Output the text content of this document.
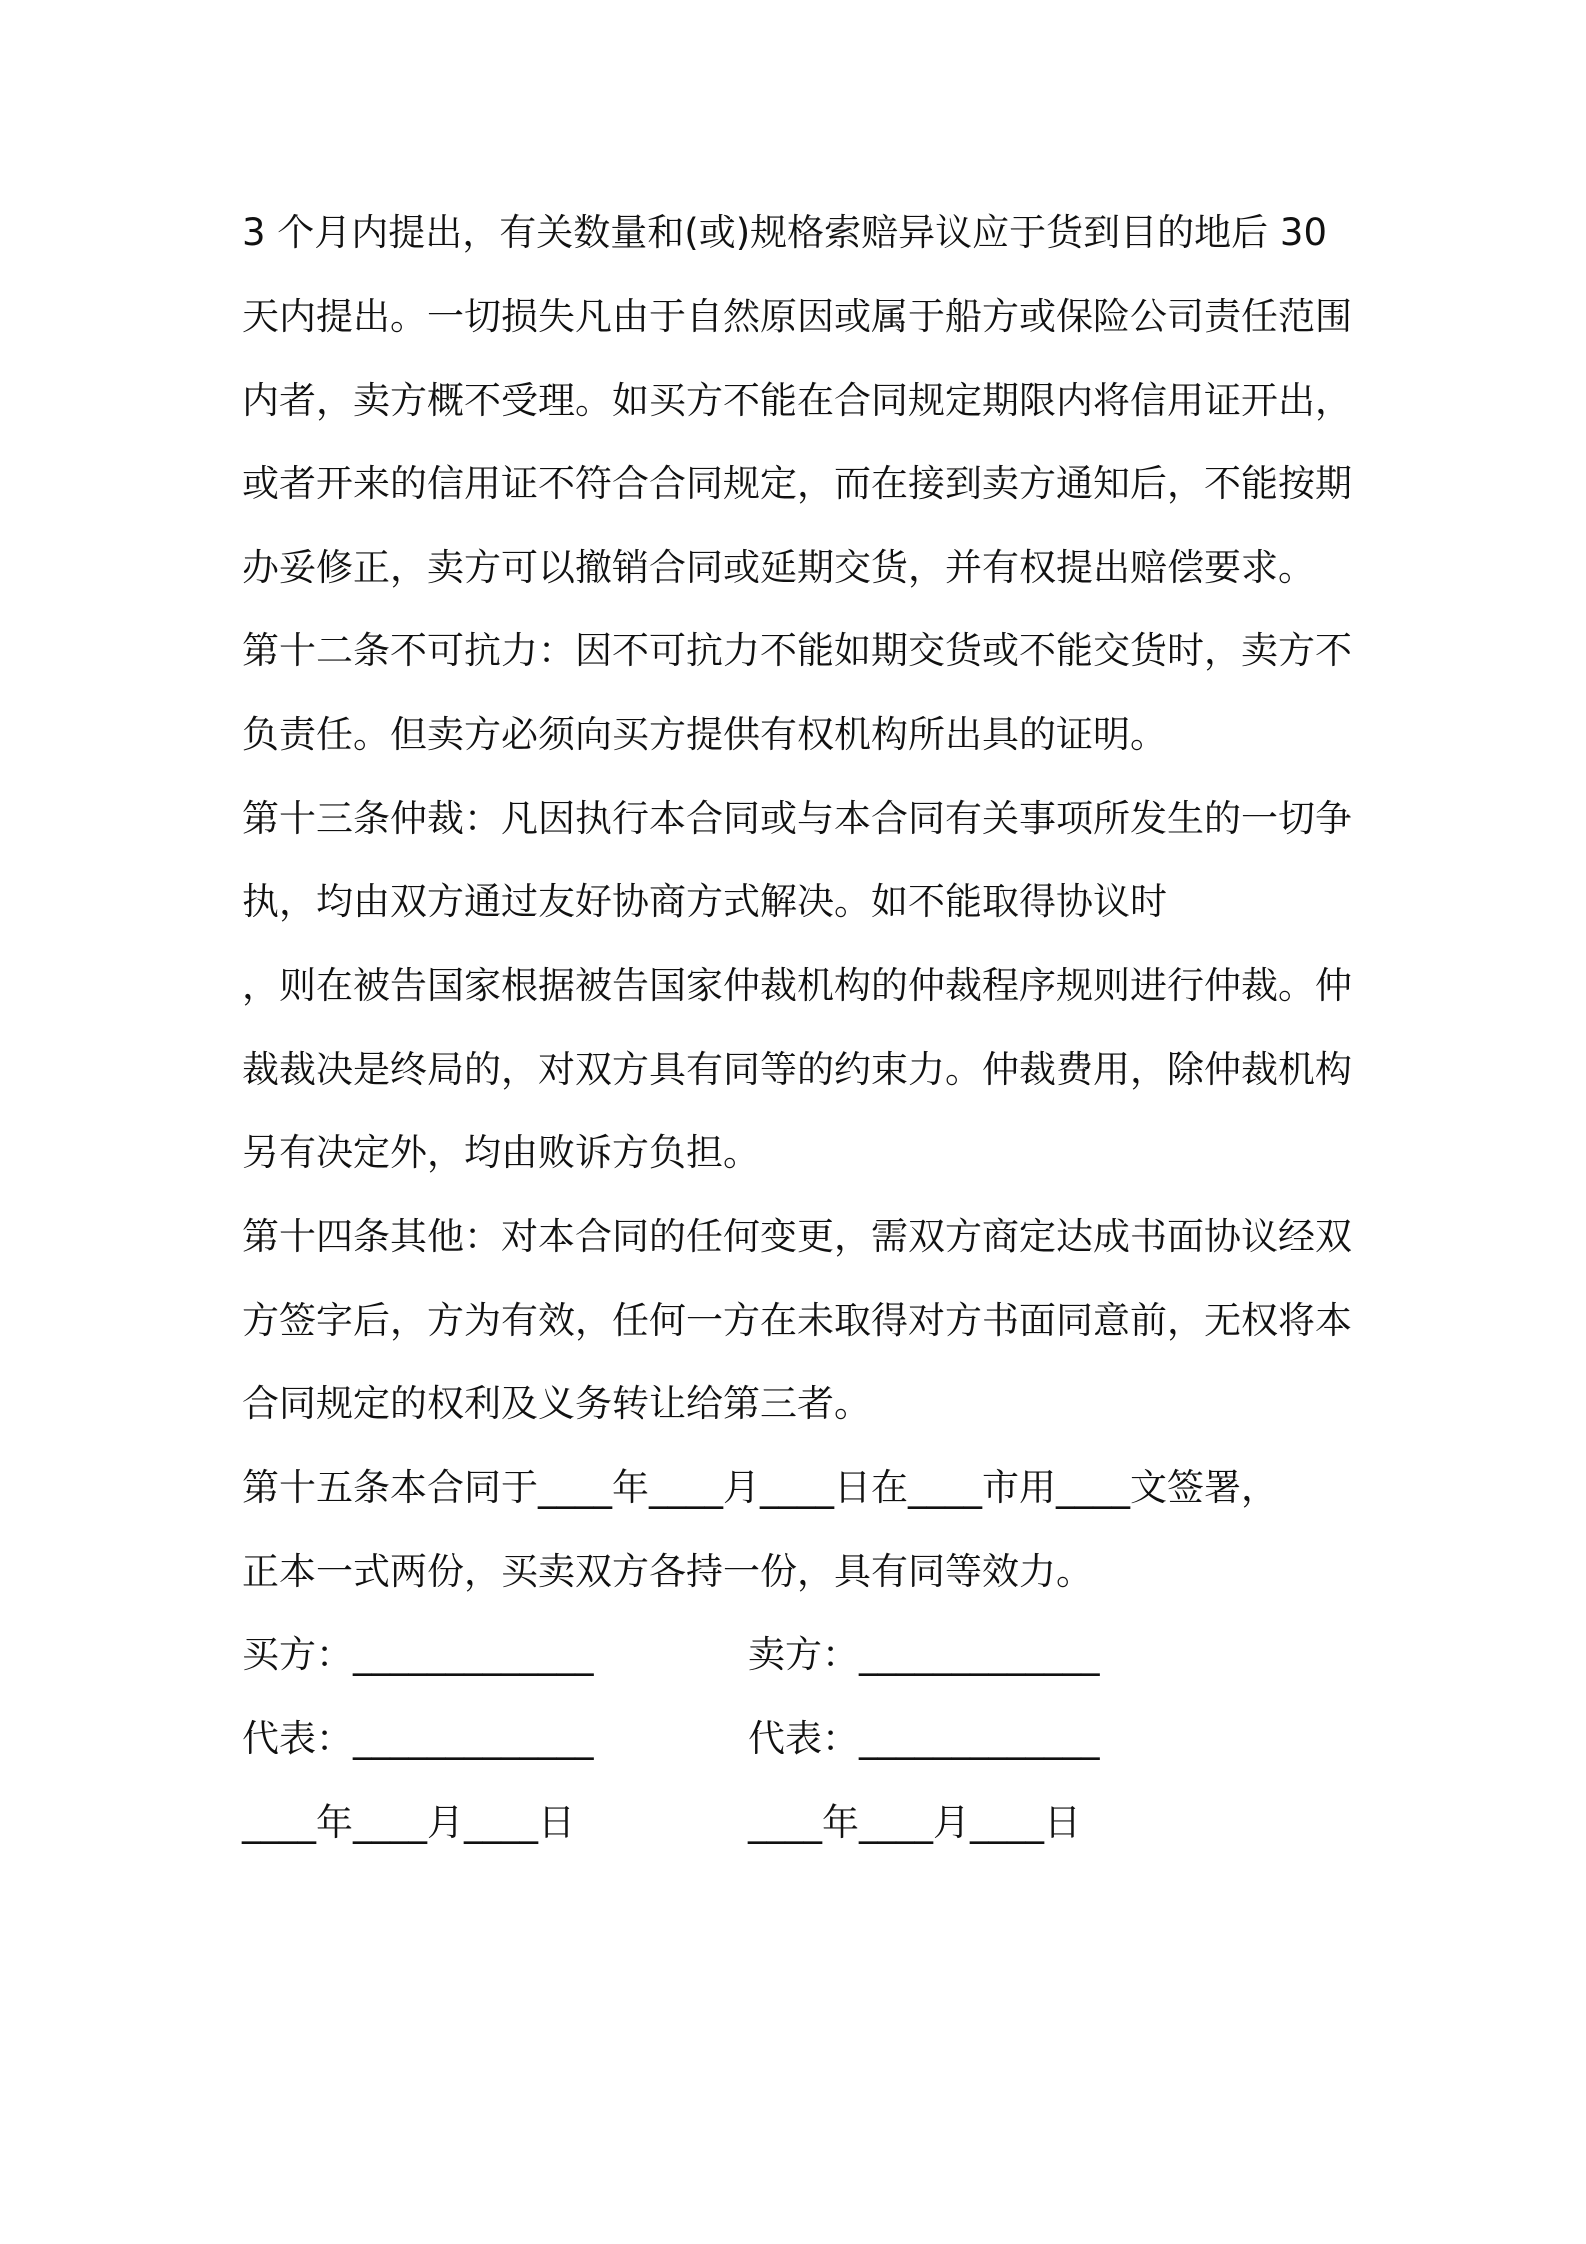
3 个月内提出，有关数量和(或)规格索赔异议应于货到目的地后 30
天内提出。一切损失凡由于自然原因或属于船方或保险公司责任范围
内者，卖方概不受理。如买方不能在合同规定期限内将信用证开出，
或者开来的信用证不符合合同规定，而在接到卖方通知后，不能按期
办妥修正，卖方可以撤销合同或延期交货，并有权提出赔偿要求。
第十二条不可抗力：因不可抗力不能如期交货或不能交货时，卖方不
负责任。但卖方必须向买方提供有权机构所出具的证明。
第十三条仲裁：凡因执行本合同或与本合同有关事项所发生的一切争
执，均由双方通过友好协商方式解决。如不能取得协议时
，则在被告国家根据被告国家仲裁机构的仲裁程序规则进行仲裁。仲
裁裁决是终局的，对双方具有同等的约束力。仲裁费用，除仲裁机构
另有决定外，均由败诉方负担。
第十四条其他：对本合同的任何变更，需双方商定达成书面协议经双
方签字后，方为有效，任何一方在未取得对方书面同意前，无权将本
合同规定的权利及义务转让给第三者。
第十五条本合同于____年____月____日在____市用____文签署，
正本一式两份，买卖双方各持一份，具有同等效力。
买方：_____________	卖方：_____________
代表：_____________	代表：_____________
____年____月____日	____年____月____日
